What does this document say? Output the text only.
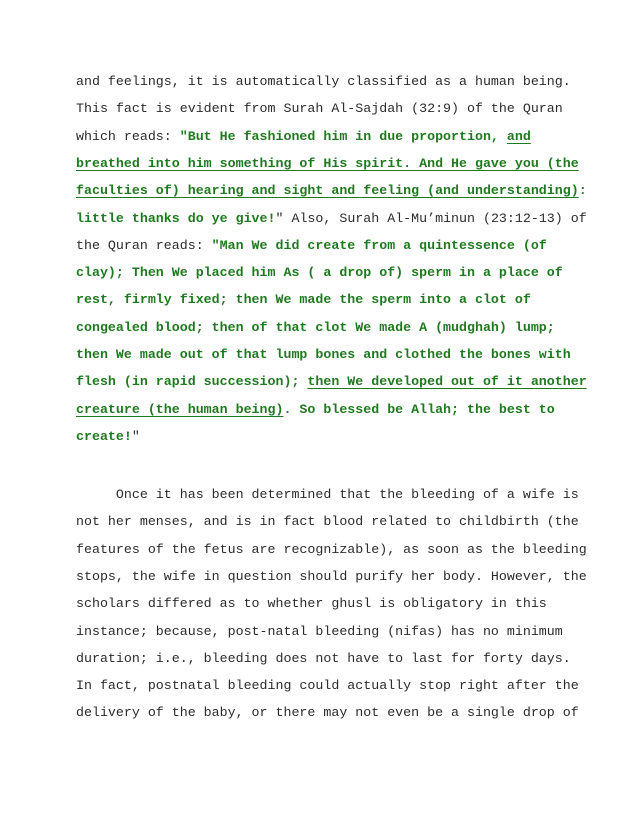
and feelings, it is automatically classified as a human being.
This fact is evident from Surah Al-Sajdah (32:9) of the Quran
which reads: "But He fashioned him in due proportion, and
breathed into him something of His spirit. And He gave you (the
faculties of) hearing and sight and feeling (and understanding):
little thanks do ye give!" Also, Surah Al-Mu’minun (23:12-13) of
the Quran reads: "Man We did create from a quintessence (of
clay); Then We placed him As ( a drop of) sperm in a place of
rest, firmly fixed; then We made the sperm into a clot of
congealed blood; then of that clot We made A (mudghah) lump;
then We made out of that lump bones and clothed the bones with
flesh (in rapid succession); then We developed out of it another
creature (the human being). So blessed be Allah; the best to
create!"
Once it has been determined that the bleeding of a wife is
not her menses, and is in fact blood related to childbirth (the
features of the fetus are recognizable), as soon as the bleeding
stops, the wife in question should purify her body. However, the
scholars differed as to whether ghusl is obligatory in this
instance; because, post-natal bleeding (nifas) has no minimum
duration; i.e., bleeding does not have to last for forty days.
In fact, postnatal bleeding could actually stop right after the
delivery of the baby, or there may not even be a single drop of
